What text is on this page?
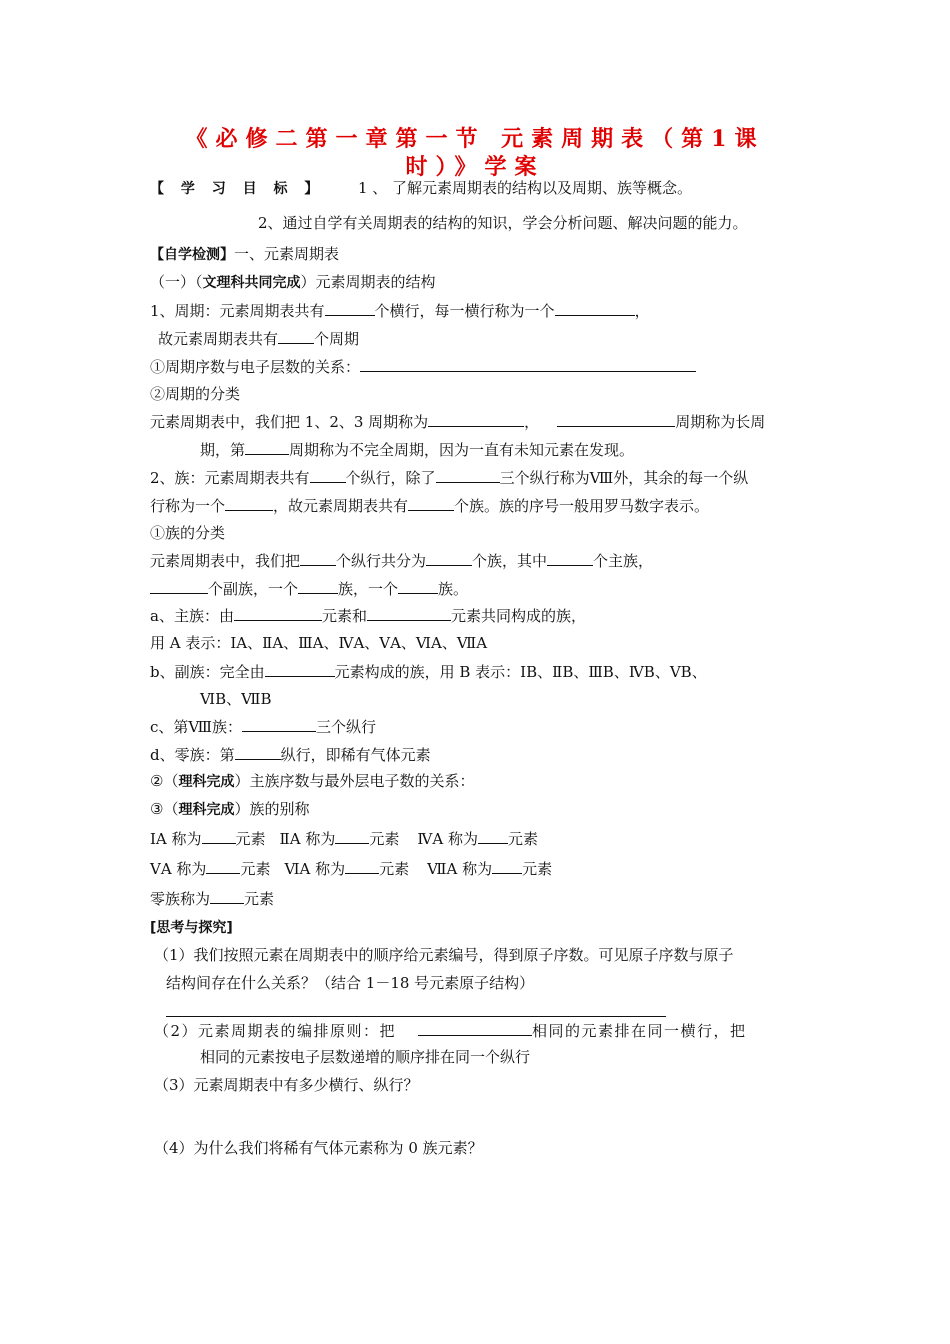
《必修二第一章第一节 元素周期表（第1课
时）》学案
【 学 习 目 标 】 1 、 了解元素周期表的结构以及周期、族等概念。
2、通过自学有关周期表的结构的知识，学会分析问题、解决问题的能力。
【自学检测】一、元素周期表
（一）（文理科共同完成）元素周期表的结构
1、周期：元素周期表共有	个横行，每一横行称为一个	，
故元素周期表共有 个周期
①周期序数与电子层数的关系：
②周期的分类
元素周期表中，我们把 1、2、3 周期称为	，	周期称为长周
期，第	周期称为不完全周期，因为一直有未知元素在发现。
2、族：元素周期表共有 个纵行，除了	三个纵行称为Ⅷ外，其余的每一个纵
行称为一个	，故元素周期表共有	个族。族的序号一般用罗马数字表示。
①族的分类
元素周期表中，我们把 个纵行共分为	个族，其中	个主族，
个副族，一个	族，一个	族。
a、主族：由	元素和	元素共同构成的族，
用 A 表示：ⅠA、ⅡA、ⅢA、ⅣA、ⅤA、ⅥA、ⅦA
b、副族：完全由	元素构成的族，用 B 表示：ⅠB、ⅡB、ⅢB、ⅣB、ⅤB、
ⅥB、ⅦB
c、第Ⅷ族：	三个纵行
d、零族：第	纵行，即稀有气体元素
②（理科完成）主族序数与最外层电子数的关系：
③（理科完成）族的别称
ⅠA 称为 元素 ⅡA 称为 元素 ⅣA 称为 元素
ⅤA 称为 元素 ⅥA 称为 元素 ⅦA 称为 元素
零族称为 元素
[思考与探究]
（1）我们按照元素在周期表中的顺序给元素编号，得到原子序数。可见原子序数与原子
结构间存在什么关系？（结合 1－18 号元素原子结构）
（2）元素周期表的编排原则：把	相同的元素排在同一横行，把
相同的元素按电子层数递增的顺序排在同一个纵行
（3）元素周期表中有多少横行、纵行？
（4）为什么我们将稀有气体元素称为 0 族元素？
